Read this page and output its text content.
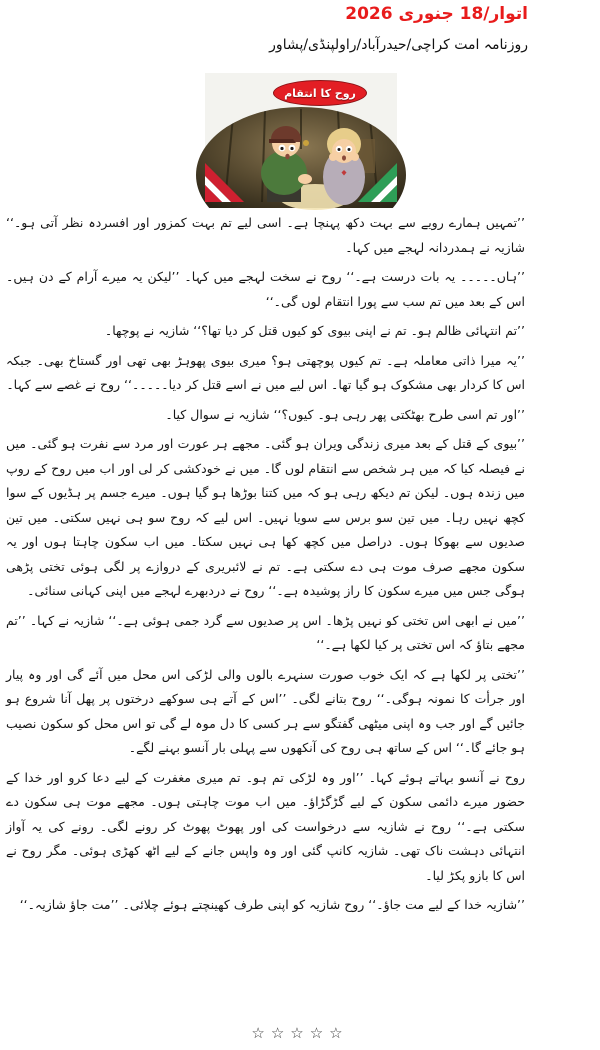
اتوار/18 جنوری 2026
روزنامہ امت کراچی/حیدرآباد/راولپنڈی/پشاور
روح کا انتقام

’’تمہیں ہمارے رویے سے بہت دکھ پہنچا ہے۔ اسی لیے تم بہت کمزور اور افسردہ نظر آتی ہو۔‘‘ شازیہ نے ہمدردانہ لہجے میں کہا۔

’’ہاں۔۔۔۔۔ یہ بات درست ہے۔‘‘ روح نے سخت لہجے میں کہا۔ ’’لیکن یہ میرے آرام کے دن ہیں۔ اس کے بعد میں تم سب سے پورا انتقام لوں گی۔‘‘

’’تم انتہائی ظالم ہو۔ تم نے اپنی بیوی کو کیوں قتل کر دیا تھا؟‘‘ شازیہ نے پوچھا۔

’’یہ میرا ذاتی معاملہ ہے۔ تم کیوں پوچھتی ہو؟ میری بیوی پھوہڑ بھی تھی اور گستاخ بھی۔ جبکہ اس کا کردار بھی مشکوک ہو گیا تھا۔ اس لیے میں نے اسے قتل کر دیا۔۔۔۔۔‘‘ روح نے غصے سے کہا۔

’’اور تم اسی طرح بھٹکتی پھر رہی ہو۔ کیوں؟‘‘ شازیہ نے سوال کیا۔

’’بیوی کے قتل کے بعد میری زندگی ویران ہو گئی۔ مجھے ہر عورت اور مرد سے نفرت ہو گئی۔ میں نے فیصلہ کیا کہ میں ہر شخص سے انتقام لوں گا۔ میں نے خودکشی کر لی اور اب میں روح کے روپ میں زندہ ہوں۔ لیکن تم دیکھ رہی ہو کہ میں کتنا بوڑھا ہو گیا ہوں۔ میرے جسم پر ہڈیوں کے سوا کچھ نہیں رہا۔ میں تین سو برس سے سویا نہیں۔ اس لیے کہ روح سو ہی نہیں سکتی۔ میں تین صدیوں سے بھوکا ہوں۔ دراصل میں کچھ کھا ہی نہیں سکتا۔ میں اب سکون چاہتا ہوں اور یہ سکون مجھے صرف موت ہی دے سکتی ہے۔ تم نے لائبریری کے دروازے پر لگی ہوئی تختی پڑھی ہوگی جس میں میرے سکون کا راز پوشیدہ ہے۔‘‘ روح نے دردبھرے لہجے میں اپنی کہانی سنائی۔

’’میں نے ابھی اس تختی کو نہیں پڑھا۔ اس پر صدیوں سے گرد جمی ہوئی ہے۔‘‘ شازیہ نے کہا۔ ’’تم مجھے بتاؤ کہ اس تختی پر کیا لکھا ہے۔‘‘

’’تختی پر لکھا ہے کہ ایک خوب صورت سنہرے بالوں والی لڑکی اس محل میں آئے گی اور وہ پیار اور جرأت کا نمونہ ہوگی۔‘‘ روح بتانے لگی۔ ’’اس کے آتے ہی سوکھے درختوں پر پھل آنا شروع ہو جائیں گے اور جب وہ اپنی میٹھی گفتگو سے ہر کسی کا دل موہ لے گی تو اس محل کو سکون نصیب ہو جائے گا۔‘‘ اس کے ساتھ ہی روح کی آنکھوں سے پہلی بار آنسو بہنے لگے۔

روح نے آنسو بہاتے ہوئے کہا۔ ’’اور وہ لڑکی تم ہو۔ تم میری مغفرت کے لیے دعا کرو اور خدا کے حضور میرے دائمی سکون کے لیے گڑگڑاؤ۔ میں اب موت چاہتی ہوں۔ مجھے موت ہی سکون دے سکتی ہے۔‘‘ روح نے شازیہ سے درخواست کی اور پھوٹ پھوٹ کر رونے لگی۔ رونے کی یہ آواز انتہائی دہشت ناک تھی۔ شازیہ کانپ گئی اور وہ واپس جانے کے لیے اٹھ کھڑی ہوئی۔ مگر روح نے اس کا بازو پکڑ لیا۔

’’شازیہ خدا کے لیے مت جاؤ۔‘‘ روح شازیہ کو اپنی طرف کھینچتے ہوئے چلائی۔ ’’مت جاؤ شازیہ۔‘‘

☆☆☆☆☆
